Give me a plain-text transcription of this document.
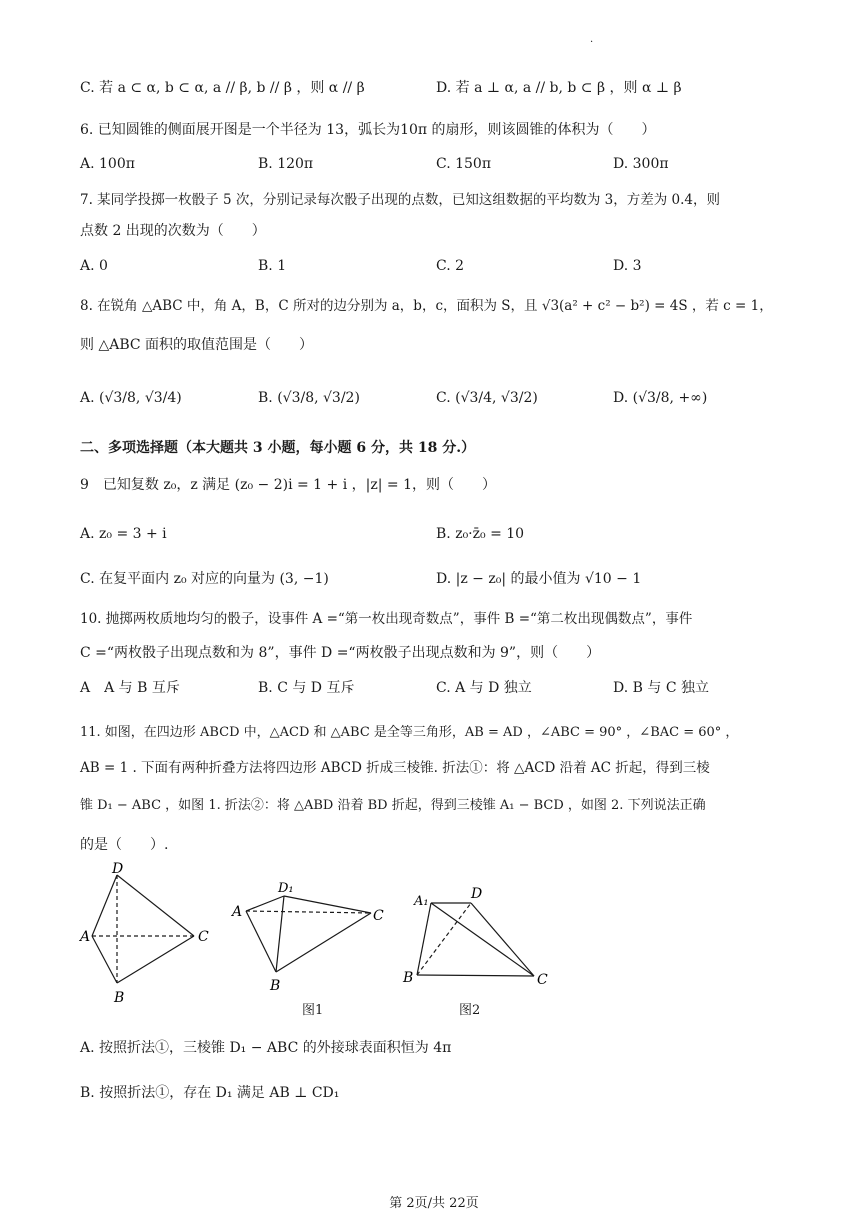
.
C. 若 a ⊂ α, b ⊂ α, a // β, b // β ，则 α // β	D. 若 a ⊥ α, a // b, b ⊂ β ，则 α ⊥ β
6. 已知圆锥的侧面展开图是一个半径为 13，弧长为10π 的扇形，则该圆锥的体积为（　　）
A. 100π	B. 120π	C. 150π	D. 300π
7. 某同学投掷一枚骰子 5 次，分别记录每次骰子出现的点数，已知这组数据的平均数为 3，方差为 0.4，则
点数 2 出现的次数为（　　）
A. 0	B. 1	C. 2	D. 3
8. 在锐角 △ABC 中，角 A，B，C 所对的边分别为 a，b，c，面积为 S，且 √3(a² + c² − b²) = 4S ，若 c = 1，
则 △ABC 面积的取值范围是（　　）
A. (√3/8, √3/4)	B. (√3/8, √3/2)	C. (√3/4, √3/2)	D. (√3/8, +∞)
二、多项选择题（本大题共 3 小题，每小题 6 分，共 18 分.）
9　已知复数 z₀，z 满足 (z₀ − 2)i = 1 + i ，|z| = 1，则（　　）
A. z₀ = 3 + i	B. z₀·z̄₀ = 10
C. 在复平面内 z₀ 对应的向量为 (3, −1)	D. |z − z₀| 的最小值为 √10 − 1
10. 抛掷两枚质地均匀的骰子，设事件 A =“第一枚出现奇数点”，事件 B =“第二枚出现偶数点”，事件
C =“两枚骰子出现点数和为 8”，事件 D =“两枚骰子出现点数和为 9”，则（　　）
A　A 与 B 互斥	B. C 与 D 互斥	C. A 与 D 独立	D. B 与 C 独立
11. 如图，在四边形 ABCD 中，△ACD 和 △ABC 是全等三角形，AB = AD ，∠ABC = 90° ，∠BAC = 60° ，
AB = 1 . 下面有两种折叠方法将四边形 ABCD 折成三棱锥. 折法①：将 △ACD 沿着 AC 折起，得到三棱
锥 D₁ − ABC ，如图 1. 折法②：将 △ABD 沿着 BD 折起，得到三棱锥 A₁ − BCD ，如图 2. 下列说法正确
的是（　　）.
D
A	C
B
D₁
A	C
B
图1
A₁	D
B	C
图2
A. 按照折法①，三棱锥 D₁ − ABC 的外接球表面积恒为 4π
B. 按照折法①，存在 D₁ 满足 AB ⊥ CD₁
第 2页/共 22页
